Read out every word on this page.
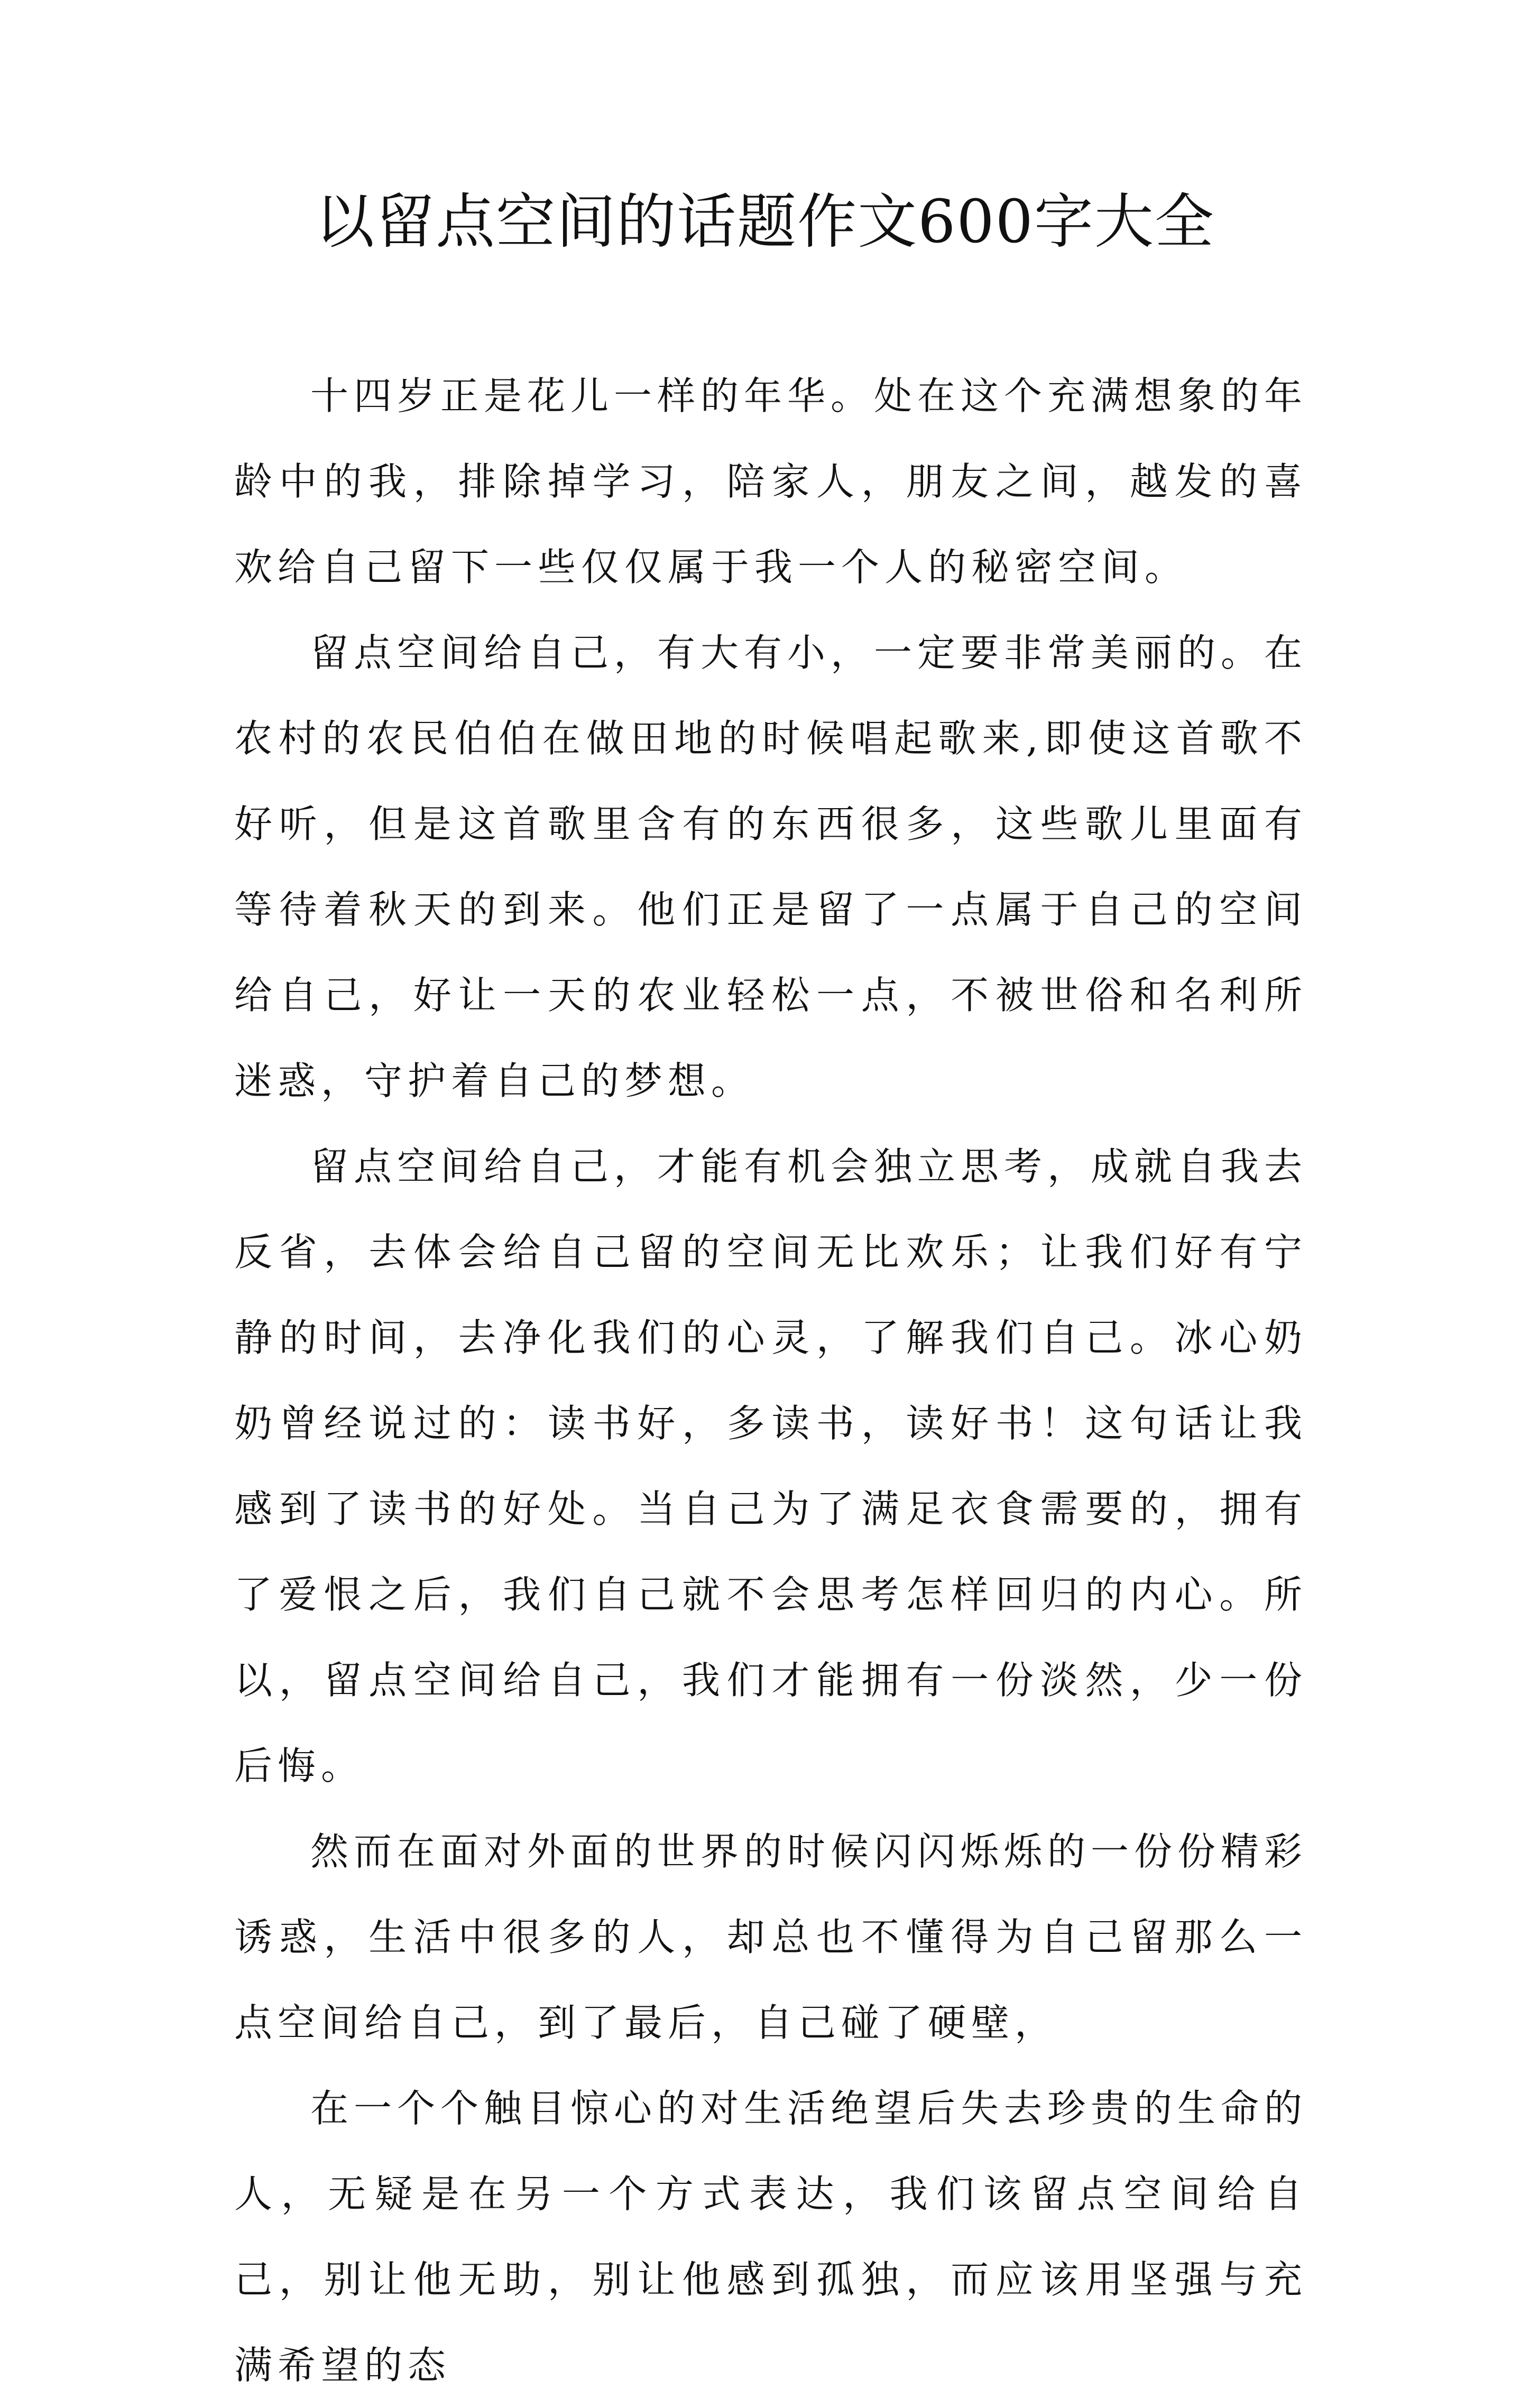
以留点空间的话题作文600字大全

十四岁正是花儿一样的年华。处在这个充满想象的年龄中的我，排除掉学习，陪家人，朋友之间，越发的喜欢给自己留下一些仅仅属于我一个人的秘密空间。

留点空间给自己，有大有小，一定要非常美丽的。在农村的农民伯伯在做田地的时候唱起歌来,即使这首歌不好听，但是这首歌里含有的东西很多，这些歌儿里面有等待着秋天的到来。他们正是留了一点属于自己的空间给自己，好让一天的农业轻松一点，不被世俗和名利所迷惑，守护着自己的梦想。

留点空间给自己，才能有机会独立思考，成就自我去反省，去体会给自己留的空间无比欢乐；让我们好有宁静的时间，去净化我们的心灵，了解我们自己。冰心奶奶曾经说过的：读书好，多读书，读好书！这句话让我感到了读书的好处。当自己为了满足衣食需要的，拥有了爱恨之后，我们自己就不会思考怎样回归的内心。所以，留点空间给自己，我们才能拥有一份淡然，少一份后悔。

然而在面对外面的世界的时候闪闪烁烁的一份份精彩诱惑，生活中很多的人，却总也不懂得为自己留那么一点空间给自己，到了最后，自己碰了硬壁，

在一个个触目惊心的对生活绝望后失去珍贵的生命的人，无疑是在另一个方式表达，我们该留点空间给自己，别让他无助，别让他感到孤独，而应该用坚强与充满希望的态
